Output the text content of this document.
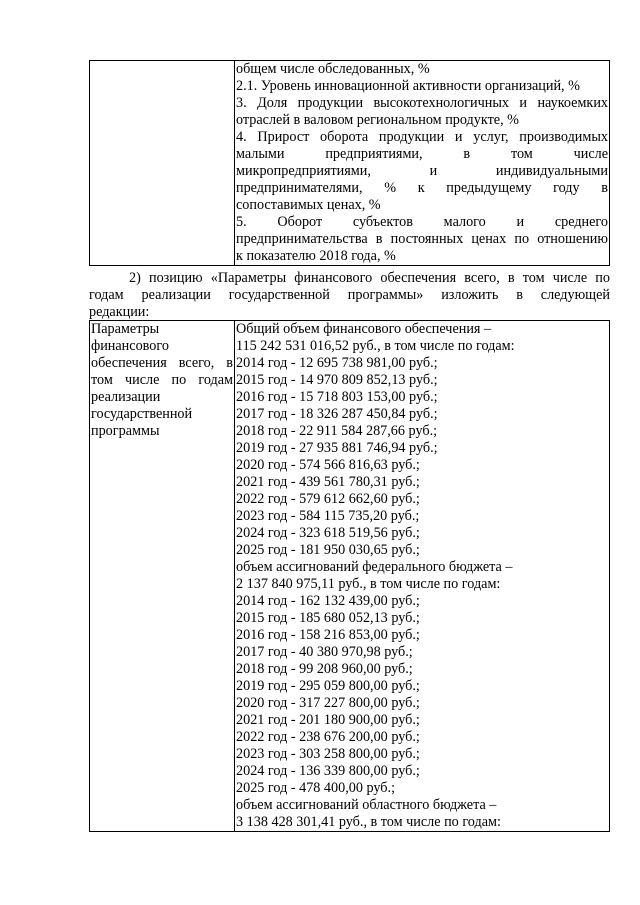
общем числе обследованных, %
2.1. Уровень инновационной активности организаций, %
3. Доля продукции высокотехнологичных и наукоемких
отраслей в валовом региональном продукте, %
4. Прирост оборота продукции и услуг, производимых
малыми предприятиями, в том числе
микропредприятиями, и индивидуальными
предпринимателями, % к предыдущему году в
сопоставимых ценах, %
5. Оборот субъектов малого и среднего
предпринимательства в постоянных ценах по отношению
к показателю 2018 года, %
2) позицию «Параметры финансового обеспечения всего, в том числе по
годам реализации государственной программы» изложить в следующей
редакции:
Параметры
финансового
обеспечения всего, в
том числе по годам
реализации
государственной
программы

Общий объем финансового обеспечения –
115 242 531 016,52 руб., в том числе по годам:
2014 год - 12 695 738 981,00 руб.;
2015 год - 14 970 809 852,13 руб.;
2016 год - 15 718 803 153,00 руб.;
2017 год - 18 326 287 450,84 руб.;
2018 год - 22 911 584 287,66 руб.;
2019 год - 27 935 881 746,94 руб.;
2020 год - 574 566 816,63 руб.;
2021 год - 439 561 780,31 руб.;
2022 год - 579 612 662,60 руб.;
2023 год - 584 115 735,20 руб.;
2024 год - 323 618 519,56 руб.;
2025 год - 181 950 030,65 руб.;
объем ассигнований федерального бюджета –
2 137 840 975,11 руб., в том числе по годам:
2014 год - 162 132 439,00 руб.;
2015 год - 185 680 052,13 руб.;
2016 год - 158 216 853,00 руб.;
2017 год - 40 380 970,98 руб.;
2018 год - 99 208 960,00 руб.;
2019 год - 295 059 800,00 руб.;
2020 год - 317 227 800,00 руб.;
2021 год - 201 180 900,00 руб.;
2022 год - 238 676 200,00 руб.;
2023 год - 303 258 800,00 руб.;
2024 год - 136 339 800,00 руб.;
2025 год - 478 400,00 руб.;
объем ассигнований областного бюджета –
3 138 428 301,41 руб., в том числе по годам:
